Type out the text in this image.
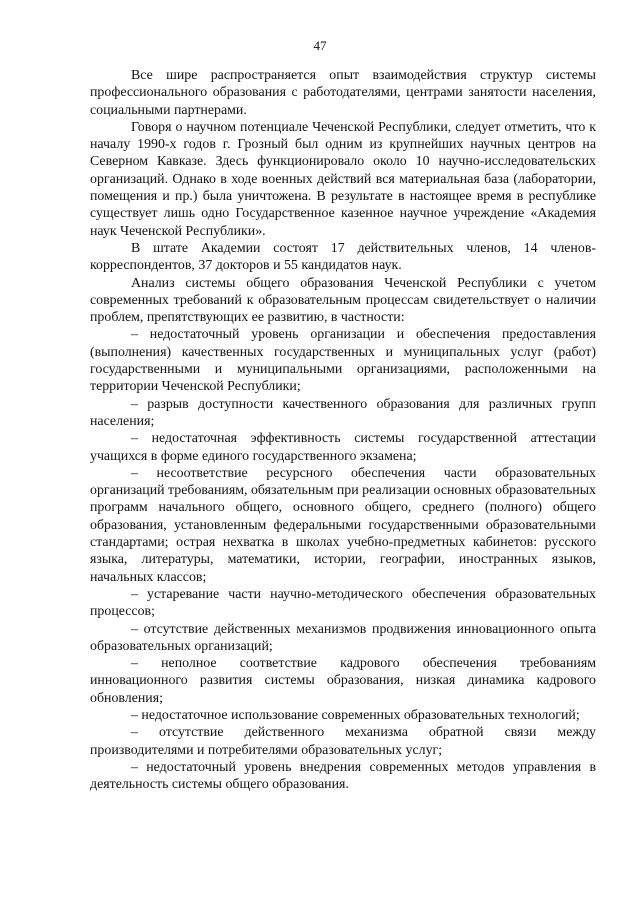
47

Все шире распространяется опыт взаимодействия структур системы профессионального образования с работодателями, центрами занятости населения, социальными партнерами.

Говоря о научном потенциале Чеченской Республики, следует отметить, что к началу 1990-х годов г. Грозный был одним из крупнейших научных центров на Северном Кавказе. Здесь функционировало около 10 научно-исследовательских организаций. Однако в ходе военных действий вся материальная база (лаборатории, помещения и пр.) была уничтожена. В результате в настоящее время в республике существует лишь одно Государственное казенное научное учреждение «Академия наук Чеченской Республики».

В штате Академии состоят 17 действительных членов, 14 членов-корреспондентов, 37 докторов и 55 кандидатов наук.

Анализ системы общего образования Чеченской Республики с учетом современных требований к образовательным процессам свидетельствует о наличии проблем, препятствующих ее развитию, в частности:

– недостаточный уровень организации и обеспечения предоставления (выполнения) качественных государственных и муниципальных услуг (работ) государственными и муниципальными организациями, расположенными на территории Чеченской Республики;

– разрыв доступности качественного образования для различных групп населения;

– недостаточная эффективность системы государственной аттестации учащихся в форме единого государственного экзамена;

– несоответствие ресурсного обеспечения части образовательных организаций требованиям, обязательным при реализации основных образовательных программ начального общего, основного общего, среднего (полного) общего образования, установленным федеральными государственными образовательными стандартами; острая нехватка в школах учебно-предметных кабинетов: русского языка, литературы, математики, истории, географии, иностранных языков, начальных классов;

– устаревание части научно-методического обеспечения образовательных процессов;

– отсутствие действенных механизмов продвижения инновационного опыта образовательных организаций;

– неполное соответствие кадрового обеспечения требованиям инновационного развития системы образования, низкая динамика кадрового обновления;

– недостаточное использование современных образовательных технологий;

– отсутствие действенного механизма обратной связи между производителями и потребителями образовательных услуг;

– недостаточный уровень внедрения современных методов управления в деятельность системы общего образования.
